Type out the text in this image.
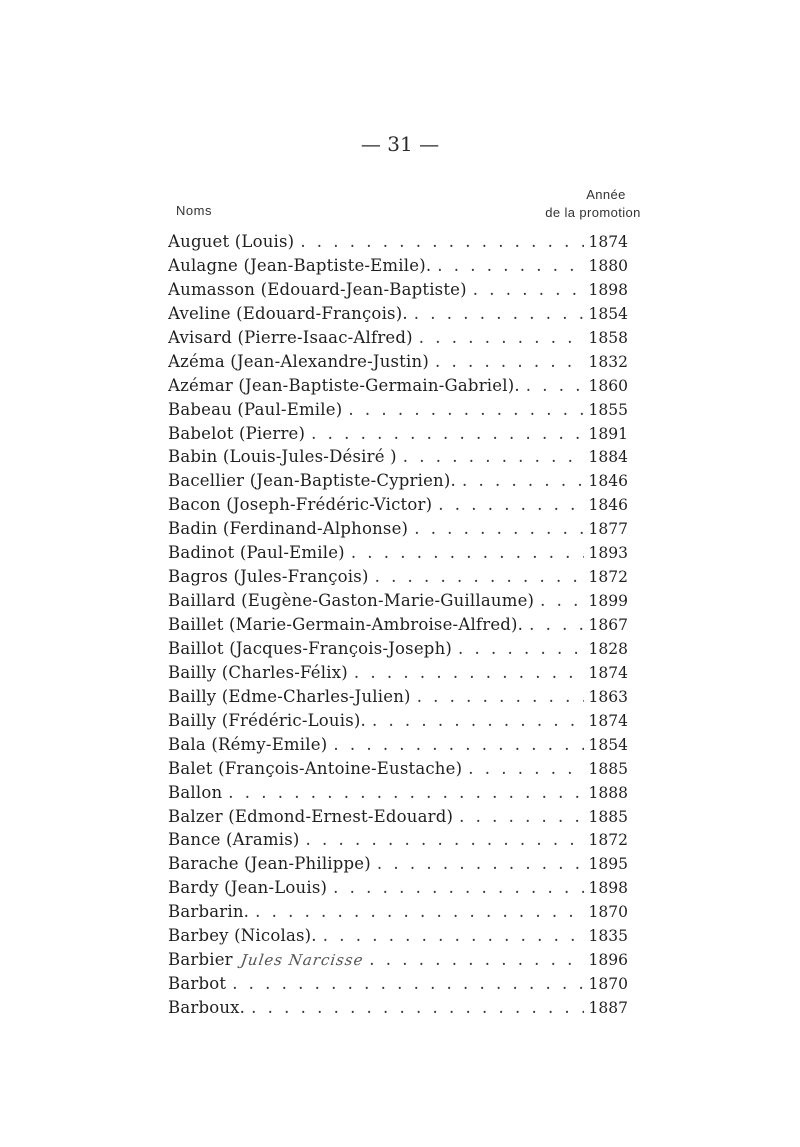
— 31 —
Noms
Année
de la promotion
Auguet (Louis) . . .	1874
Aulagne (Jean-Baptiste-Emile). . . .	1880
Aumasson (Edouard-Jean-Baptiste) . . .	1898
Aveline (Edouard-François). . . .	1854
Avisard (Pierre-Isaac-Alfred) . . .	1858
Azéma (Jean-Alexandre-Justin) . . .	1832
Azémar (Jean-Baptiste-Germain-Gabriel). . . .	1860
Babeau (Paul-Emile) . . .	1855
Babelot (Pierre) . . .	1891
Babin (Louis-Jules-Désiré ) . . .	1884
Bacellier (Jean-Baptiste-Cyprien). . . .	1846
Bacon (Joseph-Frédéric-Victor) . . .	1846
Badin (Ferdinand-Alphonse) . . .	1877
Badinot (Paul-Emile) . . .	1893
Bagros (Jules-François) . . .	1872
Baillard (Eugène-Gaston-Marie-Guillaume) . . .	1899
Baillet (Marie-Germain-Ambroise-Alfred). . . .	1867
Baillot (Jacques-François-Joseph) . . .	1828
Bailly (Charles-Félix) . . .	1874
Bailly (Edme-Charles-Julien) . . .	1863
Bailly (Frédéric-Louis). . . .	1874
Bala (Rémy-Emile) . . .	1854
Balet (François-Antoine-Eustache) . . .	1885
Ballon . . .	1888
Balzer (Edmond-Ernest-Edouard) . . .	1885
Bance (Aramis) . . .	1872
Barache (Jean-Philippe) . . .	1895
Bardy (Jean-Louis) . . .	1898
Barbarin. . . .	1870
Barbey (Nicolas). . . .	1835
Barbier Jules Narcisse . . .	1896
Barbot . . .	1870
Barboux. . . .	1887
